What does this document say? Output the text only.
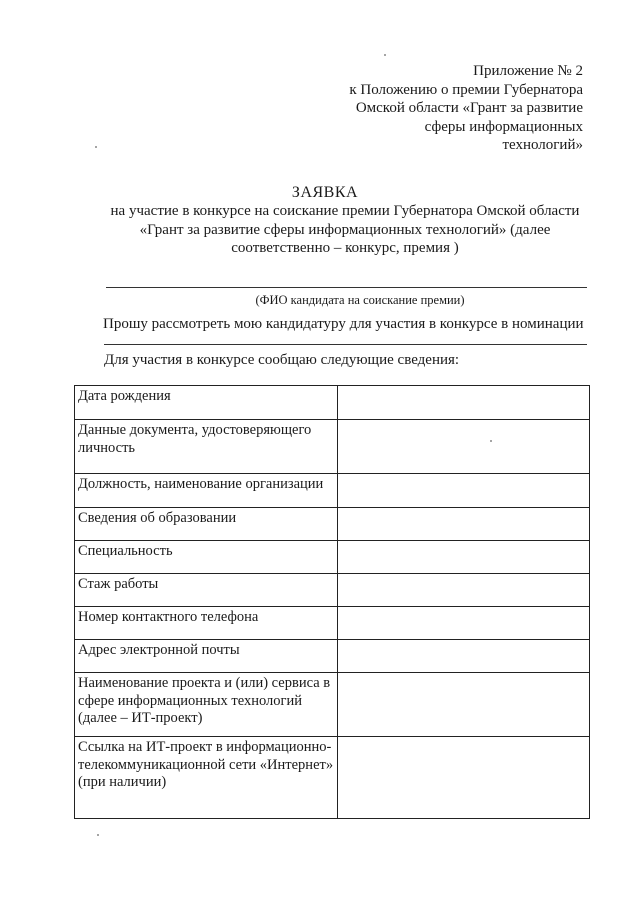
Приложение № 2
к Положению о премии Губернатора
Омской области «Грант за развитие
сферы информационных
технологий»
ЗАЯВКА
на участие в конкурсе на соискание премии Губернатора Омской области
«Грант за развитие сферы информационных технологий» (далее
соответственно – конкурс, премия )
(ФИО кандидата на соискание премии)
Прошу рассмотреть мою кандидатуру для участия в конкурсе в номинации
Для участия в конкурсе сообщаю следующие сведения:
Дата рождения	
Данные документа, удостоверяющего личность	
Должность, наименование организации	
Сведения об образовании	
Специальность	
Стаж работы	
Номер контактного телефона	
Адрес электронной почты	
Наименование проекта и (или) сервиса в сфере информационных технологий (далее – ИТ-проект)	
Ссылка на ИТ-проект в информационно-телекоммуникационной сети «Интернет» (при наличии)	
